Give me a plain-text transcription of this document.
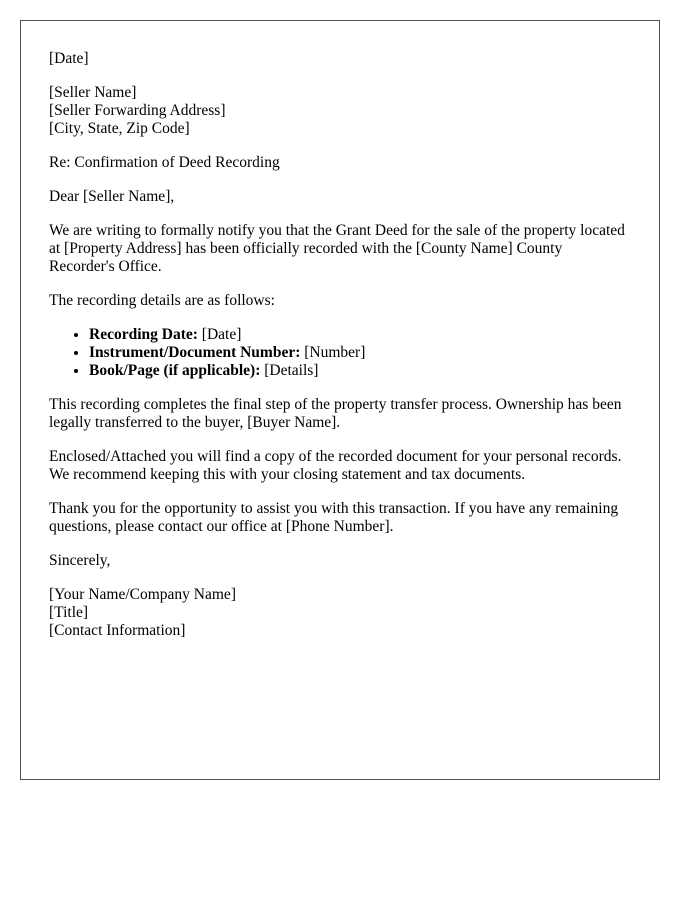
[Date]
[Seller Name]
[Seller Forwarding Address]
[City, State, Zip Code]
Re: Confirmation of Deed Recording
Dear [Seller Name],
We are writing to formally notify you that the Grant Deed for the sale of the property located at [Property Address] has been officially recorded with the [County Name] County Recorder's Office.
The recording details are as follows:
• Recording Date: [Date]
• Instrument/Document Number: [Number]
• Book/Page (if applicable): [Details]
This recording completes the final step of the property transfer process. Ownership has been legally transferred to the buyer, [Buyer Name].
Enclosed/Attached you will find a copy of the recorded document for your personal records. We recommend keeping this with your closing statement and tax documents.
Thank you for the opportunity to assist you with this transaction. If you have any remaining questions, please contact our office at [Phone Number].
Sincerely,
[Your Name/Company Name]
[Title]
[Contact Information]
